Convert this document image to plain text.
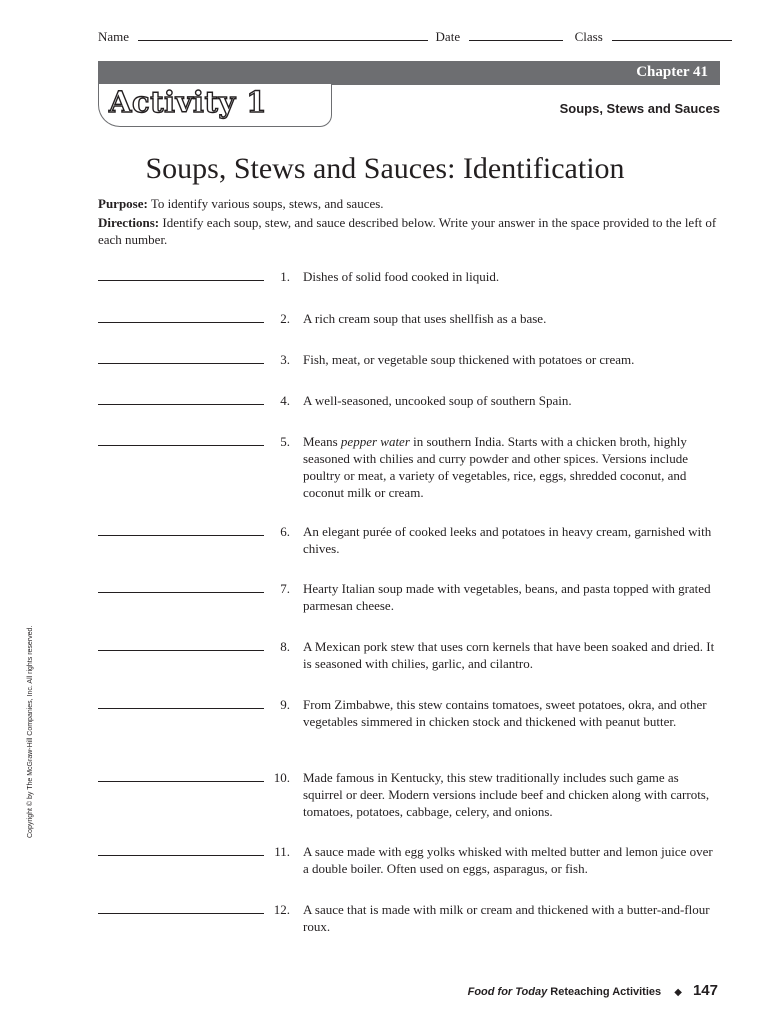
Name	Date	Class
Chapter 41
Activity 1	Soups, Stews and Sauces
Soups, Stews and Sauces: Identification
Purpose: To identify various soups, stews, and sauces.
Directions: Identify each soup, stew, and sauce described below. Write your answer in the space provided to the left of each number.
1. Dishes of solid food cooked in liquid.
2. A rich cream soup that uses shellfish as a base.
3. Fish, meat, or vegetable soup thickened with potatoes or cream.
4. A well-seasoned, uncooked soup of southern Spain.
5. Means pepper water in southern India. Starts with a chicken broth, highly seasoned with chilies and curry powder and other spices. Versions include poultry or meat, a variety of vegetables, rice, eggs, shredded coconut, and coconut milk or cream.
6. An elegant purée of cooked leeks and potatoes in heavy cream, garnished with chives.
7. Hearty Italian soup made with vegetables, beans, and pasta topped with grated parmesan cheese.
8. A Mexican pork stew that uses corn kernels that have been soaked and dried. It is seasoned with chilies, garlic, and cilantro.
9. From Zimbabwe, this stew contains tomatoes, sweet potatoes, okra, and other vegetables simmered in chicken stock and thickened with peanut butter.
10. Made famous in Kentucky, this stew traditionally includes such game as squirrel or deer. Modern versions include beef and chicken along with carrots, tomatoes, potatoes, cabbage, celery, and onions.
11. A sauce made with egg yolks whisked with melted butter and lemon juice over a double boiler. Often used on eggs, asparagus, or fish.
12. A sauce that is made with milk or cream and thickened with a butter-and-flour roux.
Copyright © by The McGraw-Hill Companies, Inc. All rights reserved.
Food for Today Reteaching Activities ◆ 147
